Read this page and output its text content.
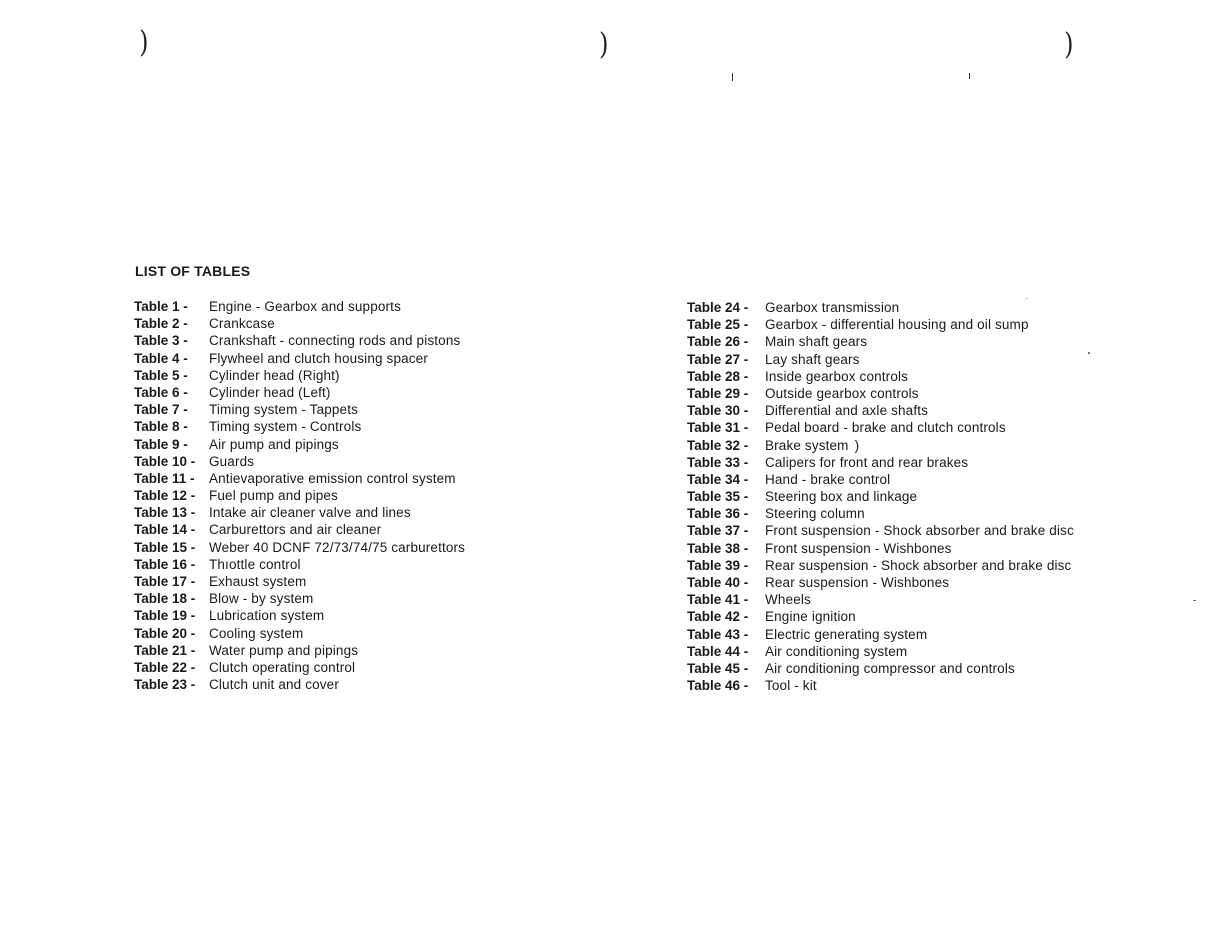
)	)	)
LIST OF TABLES
Table 1 - Engine - Gearbox and supports
Table 2 - Crankcase
Table 3 - Crankshaft - connecting rods and pistons
Table 4 - Flywheel and clutch housing spacer
Table 5 - Cylinder head (Right)
Table 6 - Cylinder head (Left)
Table 7 - Timing system - Tappets
Table 8 - Timing system - Controls
Table 9 - Air pump and pipings
Table 10 - Guards
Table 11 - Antievaporative emission control system
Table 12 - Fuel pump and pipes
Table 13 - Intake air cleaner valve and lines
Table 14 - Carburettors and air cleaner
Table 15 - Weber 40 DCNF 72/73/74/75 carburettors
Table 16 - Thıottle control
Table 17 - Exhaust system
Table 18 - Blow - by system
Table 19 - Lubrication system
Table 20 - Cooling system
Table 21 - Water pump and pipings
Table 22 - Clutch operating control
Table 23 - Clutch unit and cover
Table 24 - Gearbox transmission
Table 25 - Gearbox - differential housing and oil sump
Table 26 - Main shaft gears
Table 27 - Lay shaft gears
Table 28 - Inside gearbox controls
Table 29 - Outside gearbox controls
Table 30 - Differential and axle shafts
Table 31 - Pedal board - brake and clutch controls
Table 32 - Brake system )
Table 33 - Calipers for front and rear brakes
Table 34 - Hand - brake control
Table 35 - Steering box and linkage
Table 36 - Steering column
Table 37 - Front suspension - Shock absorber and brake disc
Table 38 - Front suspension - Wishbones
Table 39 - Rear suspension - Shock absorber and brake disc
Table 40 - Rear suspension - Wishbones
Table 41 - Wheels
Table 42 - Engine ignition
Table 43 - Electric generating system
Table 44 - Air conditioning system
Table 45 - Air conditioning compressor and controls
Table 46 - Tool - kit
